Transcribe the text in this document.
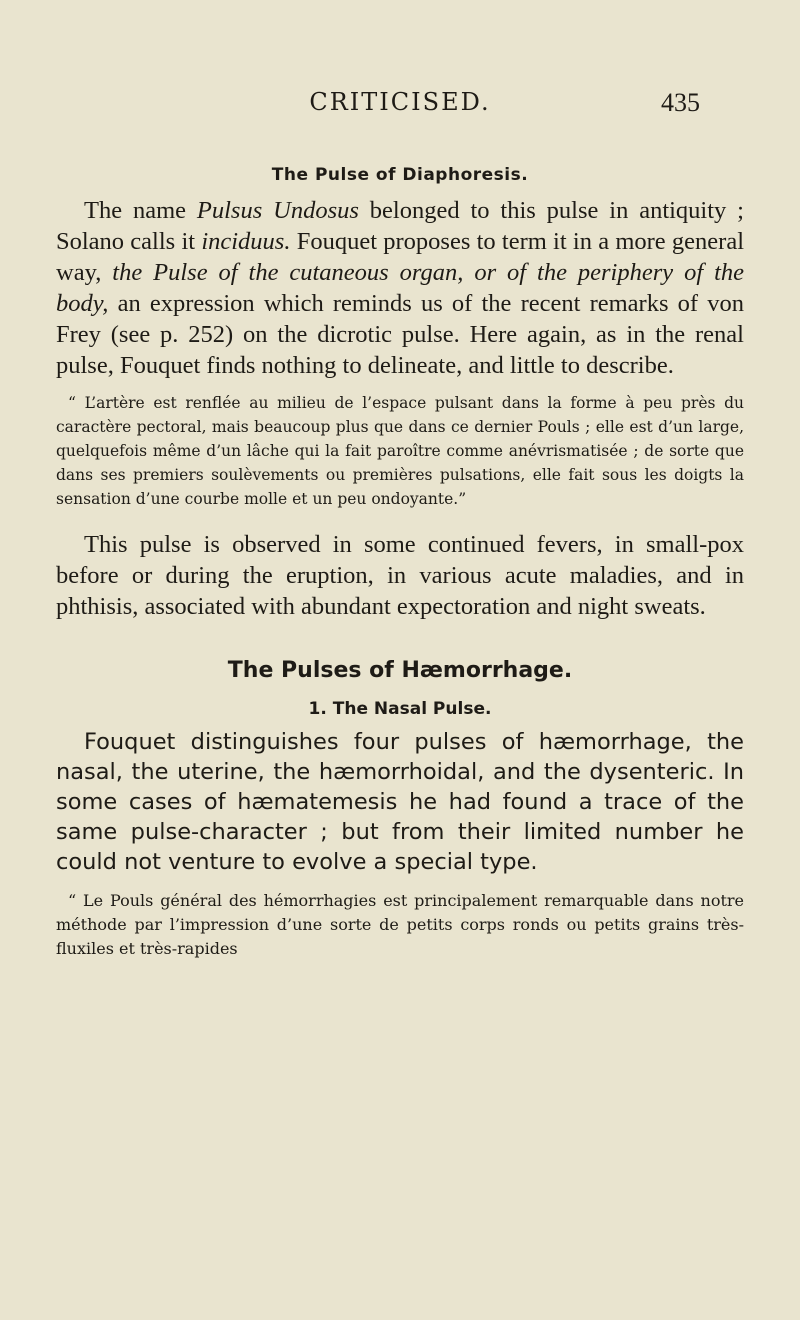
CRITICISED.	435
The Pulse of Diaphoresis.

The name Pulsus Undosus belonged to this pulse in antiquity ; Solano calls it inciduus. Fouquet proposes to term it in a more general way, the Pulse of the cutaneous organ, or of the periphery of the body, an expression which reminds us of the recent remarks of von Frey (see p. 252) on the dicrotic pulse. Here again, as in the renal pulse, Fouquet finds nothing to delineate, and little to describe.

“ L’artère est renflée au milieu de l’espace pulsant dans la forme à peu près du caractère pectoral, mais beaucoup plus que dans ce dernier Pouls ; elle est d’un large, quelquefois même d’un lâche qui la fait paroître comme anévrismatisée ; de sorte que dans ses premiers soulèvements ou premières pulsations, elle fait sous les doigts la sensation d’une courbe molle et un peu ondoyante.”

This pulse is observed in some continued fevers, in small-pox before or during the eruption, in various acute maladies, and in phthisis, associated with abundant expectoration and night sweats.

The Pulses of Hæmorrhage.
1. The Nasal Pulse.

Fouquet distinguishes four pulses of hæmorrhage, the nasal, the uterine, the hæmorrhoidal, and the dysenteric. In some cases of hæmatemesis he had found a trace of the same pulse-character ; but from their limited number he could not venture to evolve a special type.

“ Le Pouls général des hémorrhagies est principalement remarquable dans notre méthode par l’impression d’une sorte de petits corps ronds ou petits grains très-fluxiles et très-rapides
